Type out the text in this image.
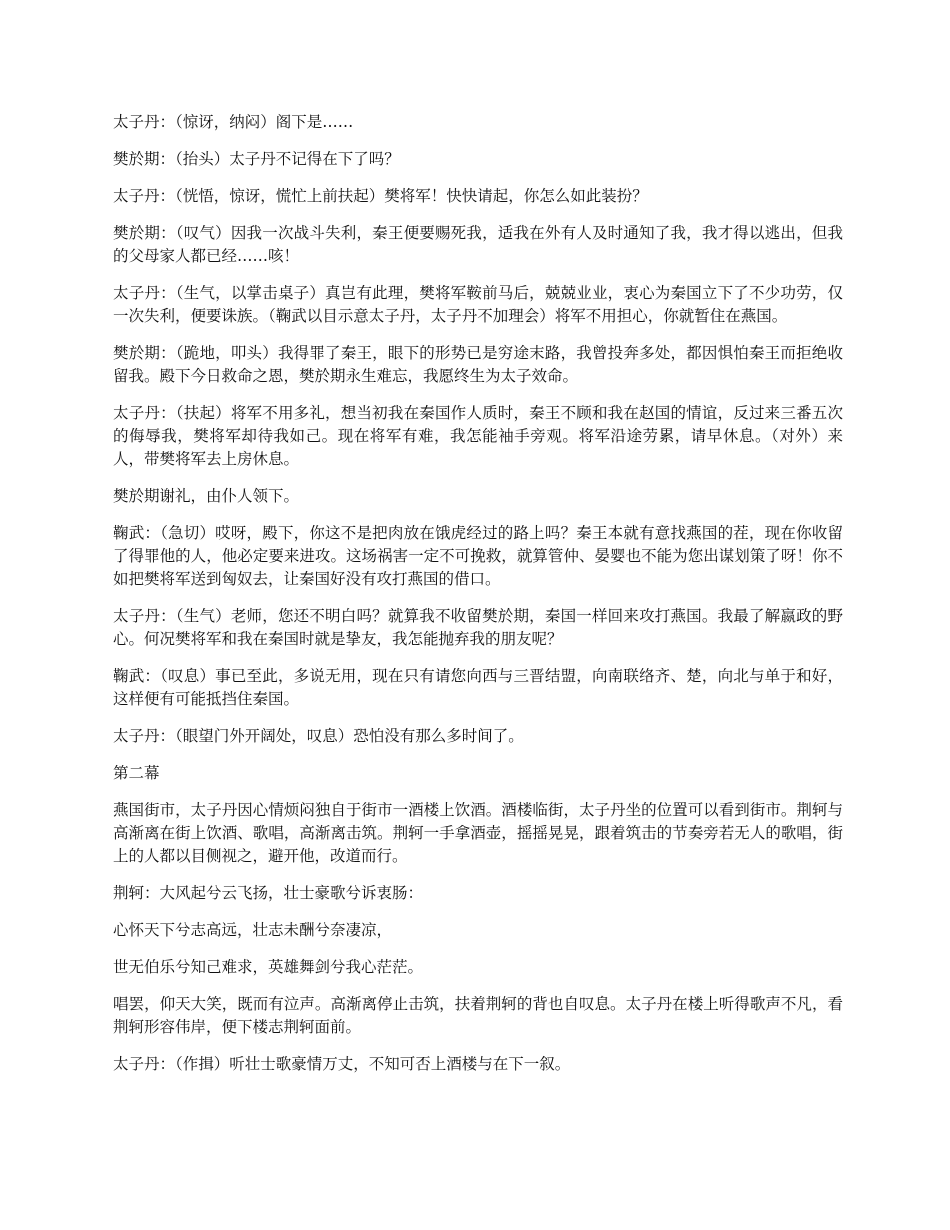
太子丹：（惊讶，纳闷）阁下是……

樊於期：（抬头）太子丹不记得在下了吗？

太子丹：（恍悟，惊讶，慌忙上前扶起）樊将军！快快请起，你怎么如此装扮？

樊於期：（叹气）因我一次战斗失利，秦王便要赐死我，适我在外有人及时通知了我，我才得以逃出，但我的父母家人都已经……咳！

太子丹：（生气，以掌击桌子）真岂有此理，樊将军鞍前马后，兢兢业业，衷心为秦国立下了不少功劳，仅一次失利，便要诛族。（鞠武以目示意太子丹，太子丹不加理会）将军不用担心，你就暂住在燕国。

樊於期：（跪地，叩头）我得罪了秦王，眼下的形势已是穷途末路，我曾投奔多处，都因惧怕秦王而拒绝收留我。殿下今日救命之恩，樊於期永生难忘，我愿终生为太子效命。

太子丹：（扶起）将军不用多礼，想当初我在秦国作人质时，秦王不顾和我在赵国的情谊，反过来三番五次的侮辱我，樊将军却待我如己。现在将军有难，我怎能袖手旁观。将军沿途劳累，请早休息。（对外）来人，带樊将军去上房休息。

樊於期谢礼，由仆人领下。

鞠武：（急切）哎呀，殿下，你这不是把肉放在饿虎经过的路上吗？秦王本就有意找燕国的茬，现在你收留了得罪他的人，他必定要来进攻。这场祸害一定不可挽救，就算管仲、晏婴也不能为您出谋划策了呀！你不如把樊将军送到匈奴去，让秦国好没有攻打燕国的借口。

太子丹：（生气）老师，您还不明白吗？就算我不收留樊於期，秦国一样回来攻打燕国。我最了解嬴政的野心。何况樊将军和我在秦国时就是挚友，我怎能抛弃我的朋友呢？

鞠武：（叹息）事已至此，多说无用，现在只有请您向西与三晋结盟，向南联络齐、楚，向北与单于和好，这样便有可能抵挡住秦国。

太子丹：（眼望门外开阔处，叹息）恐怕没有那么多时间了。

第二幕

燕国街市，太子丹因心情烦闷独自于街市一酒楼上饮酒。酒楼临街，太子丹坐的位置可以看到街市。荆轲与高渐离在街上饮酒、歌唱，高渐离击筑。荆轲一手拿酒壶，摇摇晃晃，跟着筑击的节奏旁若无人的歌唱，街上的人都以目侧视之，避开他，改道而行。

荆轲：大风起兮云飞扬，壮士豪歌兮诉衷肠：

心怀天下兮志高远，壮志未酬兮奈凄凉，

世无伯乐兮知己难求，英雄舞剑兮我心茫茫。

唱罢，仰天大笑，既而有泣声。高渐离停止击筑，扶着荆轲的背也自叹息。太子丹在楼上听得歌声不凡，看荆轲形容伟岸，便下楼志荆轲面前。

太子丹：（作揖）听壮士歌豪情万丈，不知可否上酒楼与在下一叙。
